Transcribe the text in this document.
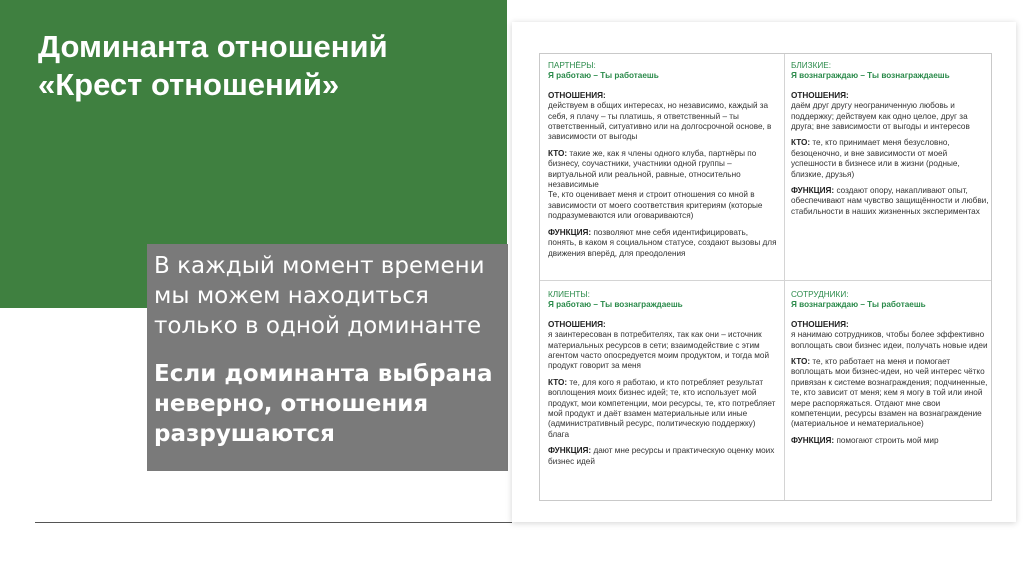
Доминанта отношений
«Крест отношений»
В каждый момент времени
мы можем находиться
только в одной доминанте
Если доминанта выбрана
неверно, отношения
разрушаются
ПАРТНЁРЫ:
Я работаю – Ты работаешь
ОТНОШЕНИЯ:
действуем в общих интересах, но независимо, каждый за себя, я плачу – ты платишь, я ответственный – ты ответственный, ситуативно или на долгосрочной основе, в зависимости от выгоды
КТО: такие же, как я члены одного клуба, партнёры по бизнесу, соучастники, участники одной группы – виртуальной или реальной, равные, относительно независимые
Те, кто оценивает меня и строит отношения со мной в зависимости от моего соответствия критериям (которые подразумеваются или оговариваются)
ФУНКЦИЯ: позволяют мне себя идентифицировать, понять, в каком я социальном статусе, создают вызовы для движения вперёд, для преодоления
БЛИЗКИЕ:
Я вознаграждаю – Ты вознаграждаешь
ОТНОШЕНИЯ:
даём друг другу неограниченную любовь и поддержку; действуем как одно целое, друг за друга; вне зависимости от выгоды и интересов
КТО: те, кто принимает меня безусловно, безоценочно, и вне зависимости от моей успешности в бизнесе или в жизни (родные, близкие, друзья)
ФУНКЦИЯ: создают опору, накапливают опыт, обеспечивают нам чувство защищённости и любви, стабильности в наших жизненных экспериментах
КЛИЕНТЫ:
Я работаю – Ты вознаграждаешь
ОТНОШЕНИЯ:
я заинтересован в потребителях, так как они – источник материальных ресурсов в сети; взаимодействие с этим агентом часто опосредуется моим продуктом, и тогда мой продукт говорит за меня
КТО: те, для кого я работаю, и кто потребляет результат воплощения моих бизнес идей; те, кто использует мой продукт, мои компетенции, мои ресурсы, те, кто потребляет мой продукт и даёт взамен материальные или иные (административный ресурс, политическую поддержку) блага
ФУНКЦИЯ: дают мне ресурсы и практическую оценку моих бизнес идей
СОТРУДНИКИ:
Я вознаграждаю – Ты работаешь
ОТНОШЕНИЯ:
я нанимаю сотрудников, чтобы более эффективно воплощать свои бизнес идеи, получать новые идеи
КТО: те, кто работает на меня и помогает воплощать мои бизнес-идеи, но чей интерес чётко привязан к системе вознаграждения; подчиненные, те, кто зависит от меня; кем я могу в той или иной мере распоряжаться. Отдают мне свои компетенции, ресурсы взамен на вознаграждение (материальное и нематериальное)
ФУНКЦИЯ: помогают строить мой мир
